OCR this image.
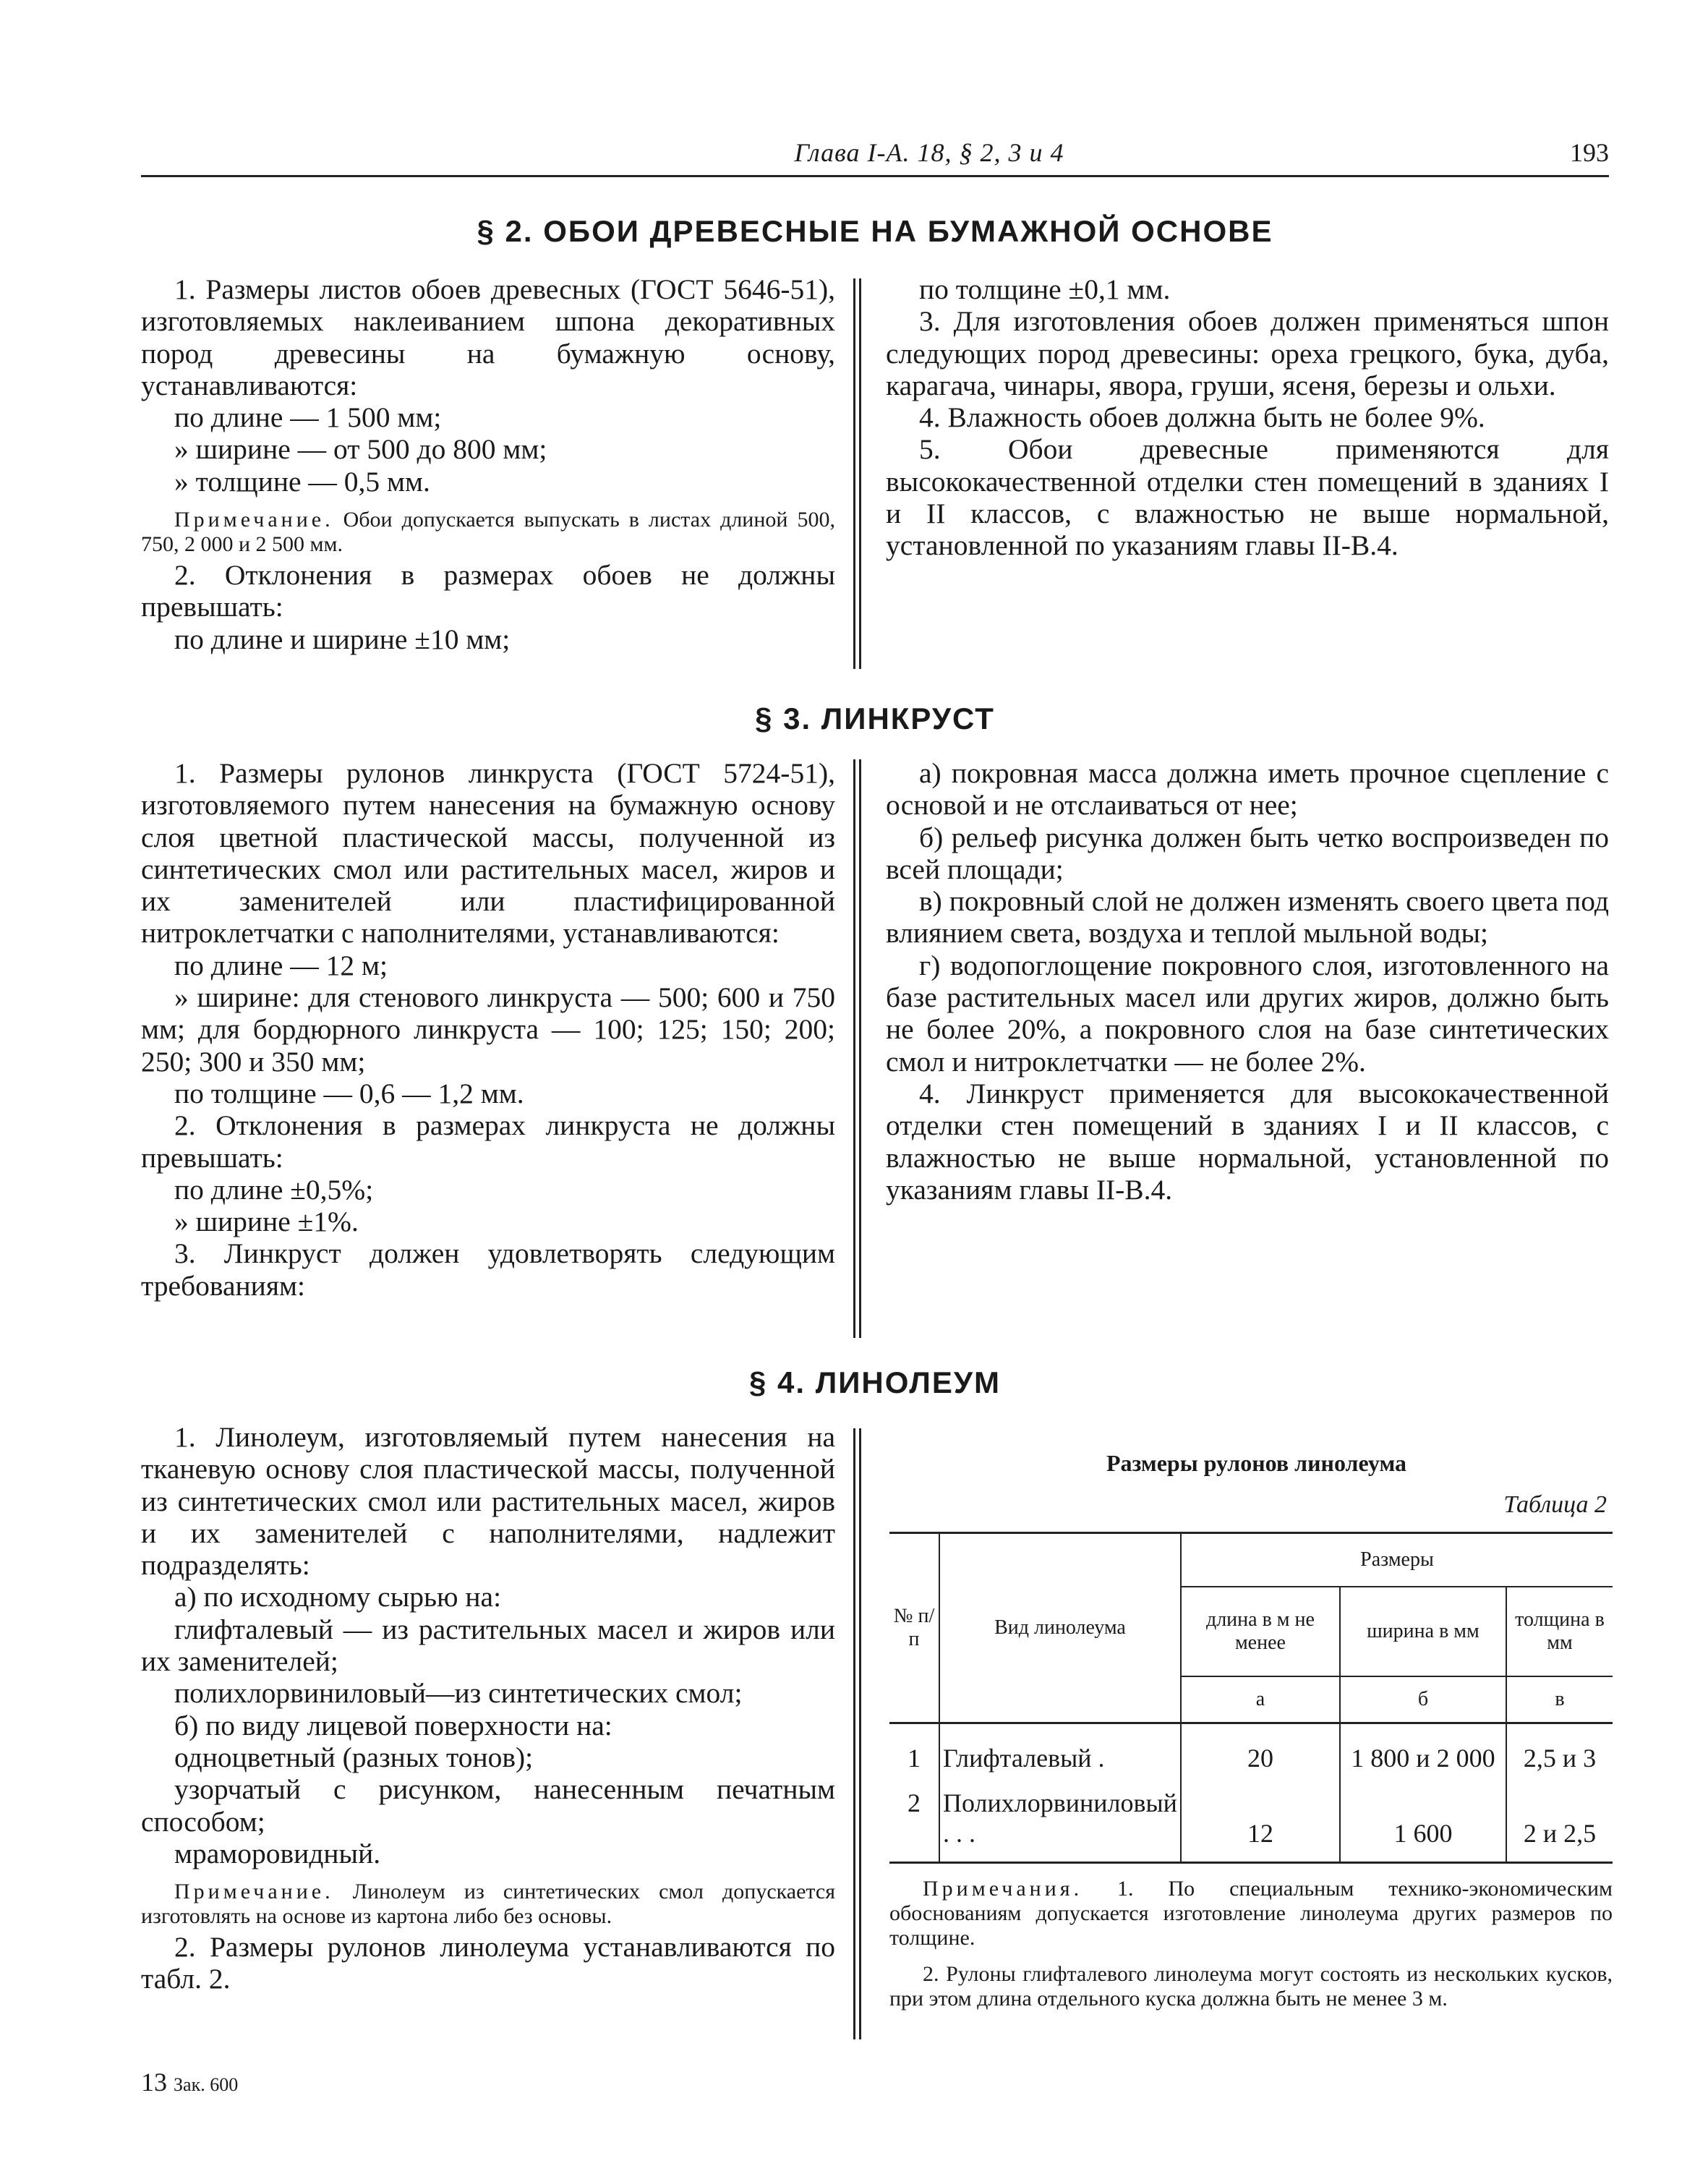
Глава I-А. 18, § 2, 3 и 4	193
§ 2. ОБОИ ДРЕВЕСНЫЕ НА БУМАЖНОЙ ОСНОВЕ

1. Размеры листов обоев древесных (ГОСТ 5646-51), изготовляемых наклеиванием шпона декоративных пород древесины на бумажную основу, устанавливаются:

по длине — 1 500 мм;

» ширине — от 500 до 800 мм;

» толщине — 0,5 мм.

Примечание. Обои допускается выпускать в листах длиной 500, 750, 2 000 и 2 500 мм.

2. Отклонения в размерах обоев не должны превышать:

по длине и ширине ±10 мм;

по толщине ±0,1 мм.

3. Для изготовления обоев должен применяться шпон следующих пород древесины: ореха грецкого, бука, дуба, карагача, чинары, явора, груши, ясеня, березы и ольхи.

4. Влажность обоев должна быть не более 9%.

5. Обои древесные применяются для высококачественной отделки стен помещений в зданиях I и II классов, с влажностью не выше нормальной, установленной по указаниям главы II-В.4.

§ 3. ЛИНКРУСТ

1. Размеры рулонов линкруста (ГОСТ 5724-51), изготовляемого путем нанесения на бумажную основу слоя цветной пластической массы, полученной из синтетических смол или растительных масел, жиров и их заменителей или пластифицированной нитроклетчатки с наполнителями, устанавливаются:

по длине — 12 м;

» ширине: для стенового линкруста — 500; 600 и 750 мм; для бордюрного линкруста — 100; 125; 150; 200; 250; 300 и 350 мм;

по толщине — 0,6 — 1,2 мм.

2. Отклонения в размерах линкруста не должны превышать:

по длине ±0,5%;

» ширине ±1%.

3. Линкруст должен удовлетворять следующим требованиям:

а) покровная масса должна иметь прочное сцепление с основой и не отслаиваться от нее;

б) рельеф рисунка должен быть четко воспроизведен по всей площади;

в) покровный слой не должен изменять своего цвета под влиянием света, воздуха и теплой мыльной воды;

г) водопоглощение покровного слоя, изготовленного на базе растительных масел или других жиров, должно быть не более 20%, а покровного слоя на базе синтетических смол и нитроклетчатки — не более 2%.

4. Линкруст применяется для высококачественной отделки стен помещений в зданиях I и II классов, с влажностью не выше нормальной, установленной по указаниям главы II-В.4.

§ 4. ЛИНОЛЕУМ

1. Линолеум, изготовляемый путем нанесения на тканевую основу слоя пластической массы, полученной из синтетических смол или растительных масел, жиров и их заменителей с наполнителями, надлежит подразделять:

а) по исходному сырью на:

глифталевый — из растительных масел и жиров или их заменителей;

полихлорвиниловый—из синтетических смол;

б) по виду лицевой поверхности на:

одноцветный (разных тонов);

узорчатый с рисунком, нанесенным печатным способом;

мраморовидный.

Примечание. Линолеум из синтетических смол допускается изготовлять на основе из картона либо без основы.

2. Размеры рулонов линолеума устанавливаются по табл. 2.

Размеры рулонов линолеума
Таблица 2
№ п/п	Вид линолеума	Размеры		
		длина в м не менее	ширина в мм	толщина в мм
		а	б	в
1	Глифталевый .	20	1 800 и 2 000	2,5 и 3
2	Полихлорвиниловый . . .	12	1 600	2 и 2,5

Примечания. 1. По специальным технико-экономическим обоснованиям допускается изготовление линолеума других размеров по толщине.

2. Рулоны глифталевого линолеума могут состоять из нескольких кусков, при этом длина отдельного куска должна быть не менее 3 м.

13 Зак. 600
